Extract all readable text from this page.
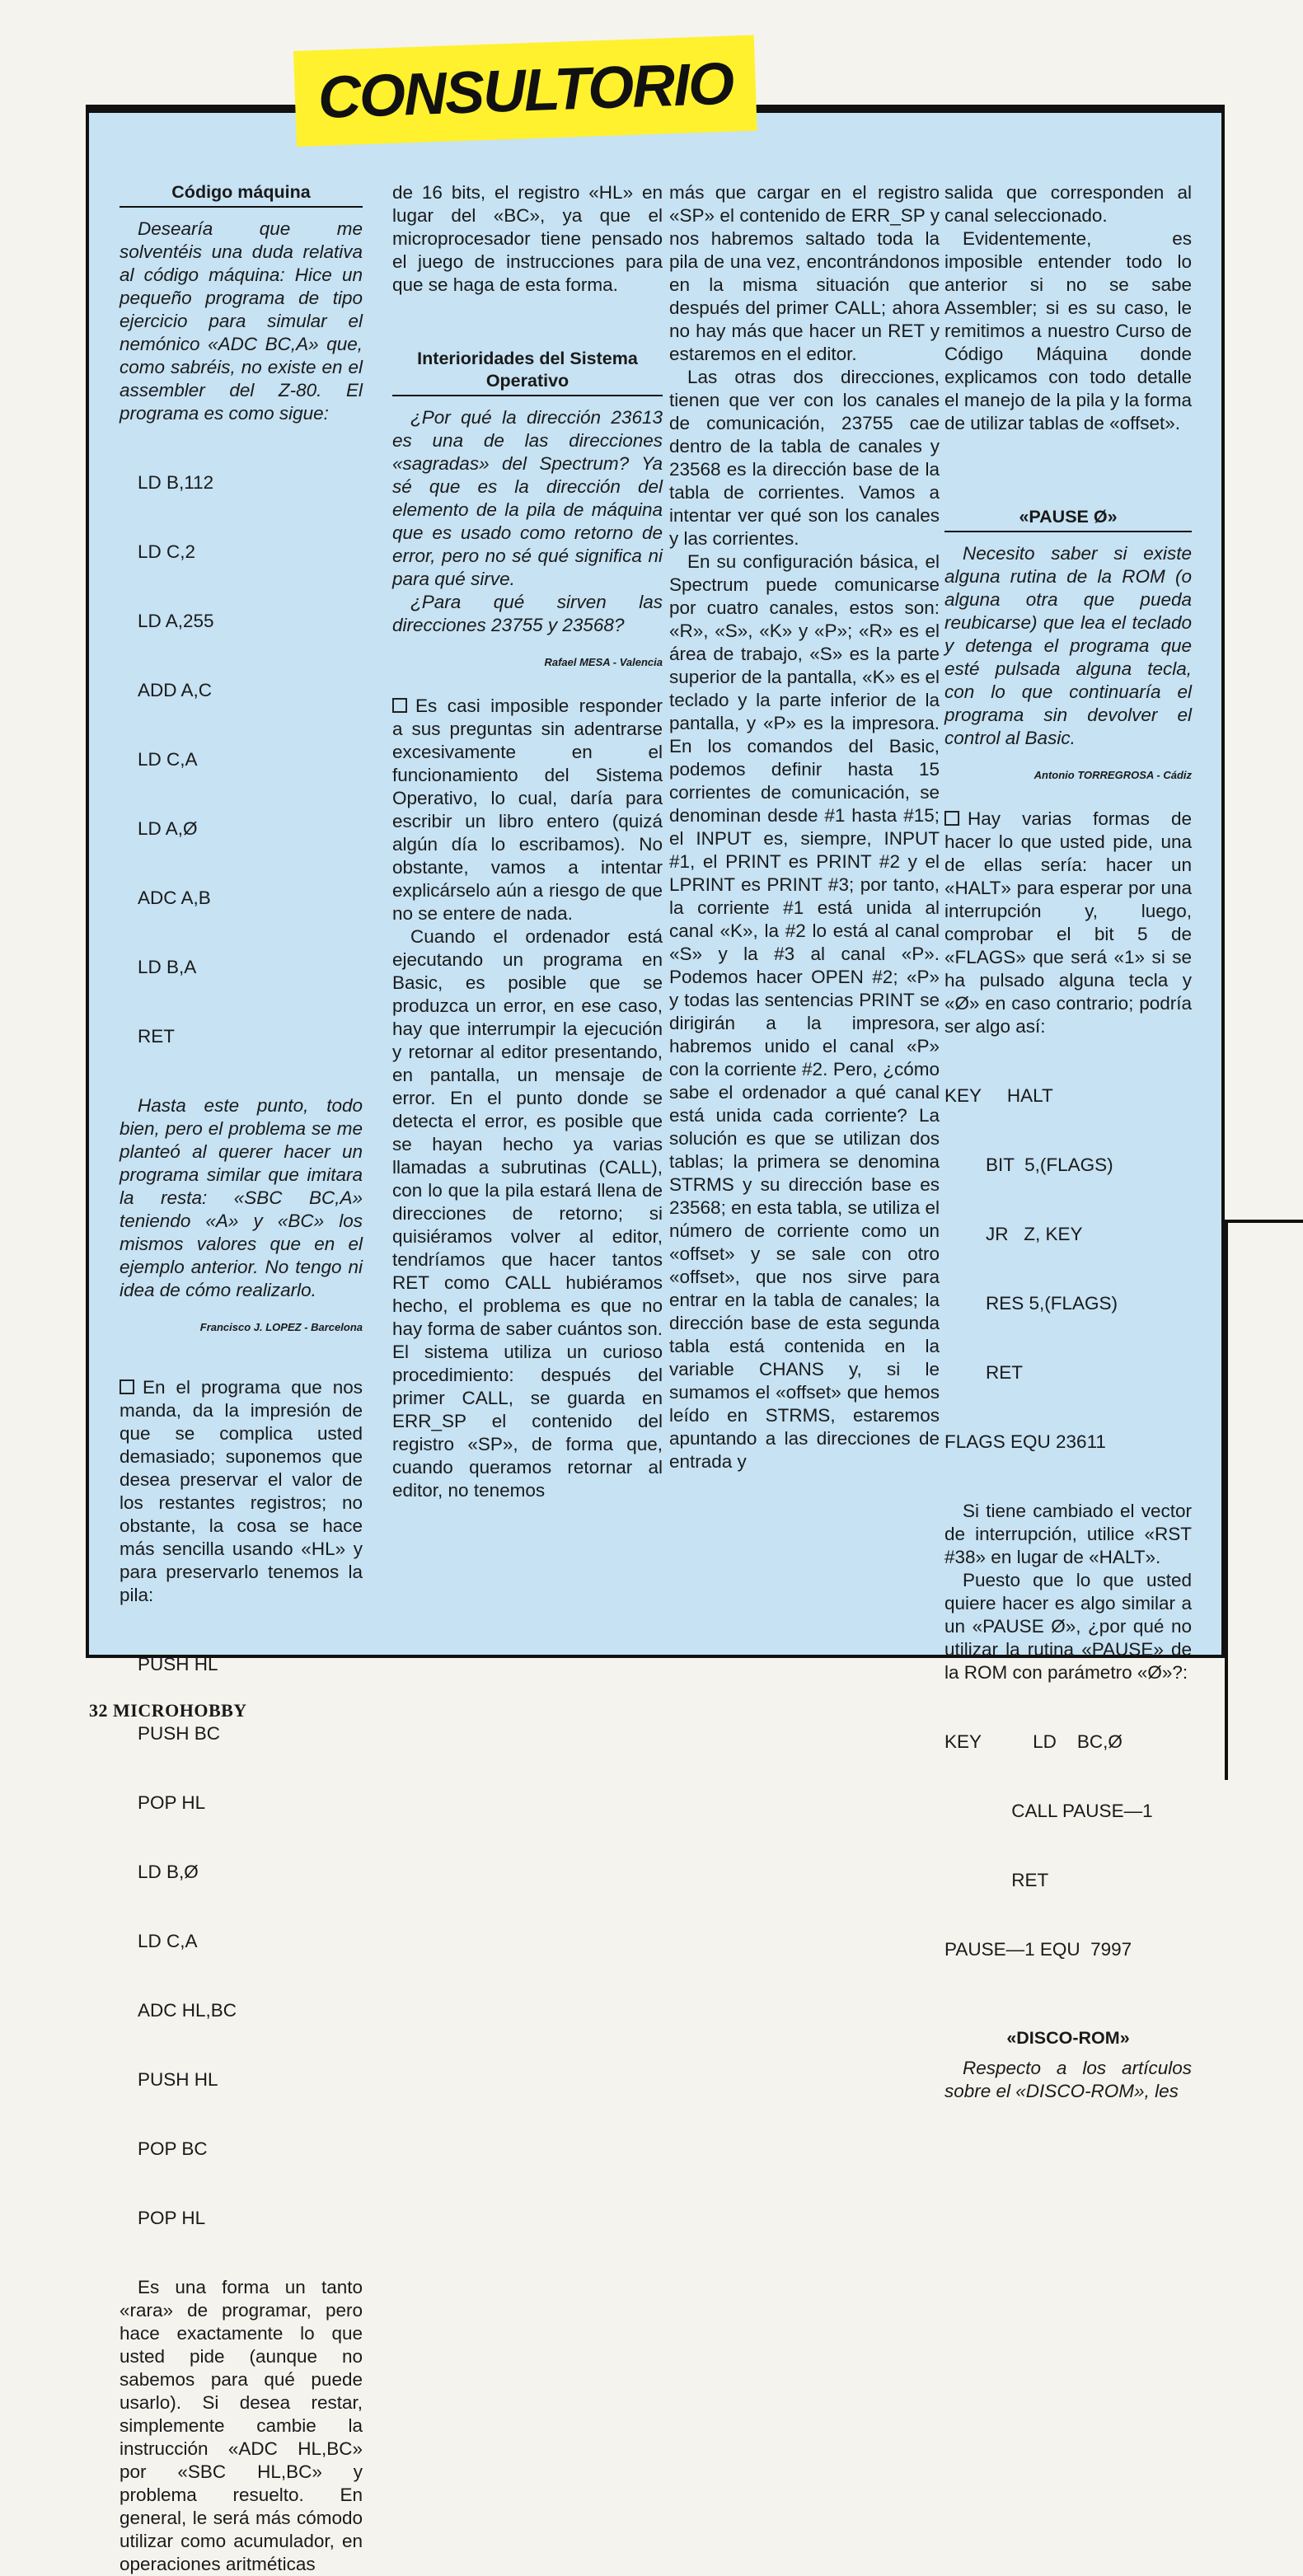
CONSULTORIO
Código máquina

Desearía que me solventéis una duda relativa al código máquina: Hice un pequeño programa de tipo ejercicio para simular el nemónico «ADC BC,A» que, como sabréis, no existe en el assembler del Z-80. El programa es como sigue:

LD B,112

LD C,2

LD A,255

ADD A,C

LD C,A

LD A,Ø

ADC A,B

LD B,A

RET

Hasta este punto, todo bien, pero el problema se me planteó al querer hacer un programa similar que imitara la resta: «SBC BC,A» teniendo «A» y «BC» los mismos valores que en el ejemplo anterior. No tengo ni idea de cómo realizarlo.

Francisco J. LOPEZ - Barcelona

En el programa que nos manda, da la impresión de que se complica usted demasiado; suponemos que desea preservar el valor de los restantes registros; no obstante, la cosa se hace más sencilla usando «HL» y para preservarlo tenemos la pila:

PUSH HL

PUSH BC

POP HL

LD B,Ø

LD C,A

ADC HL,BC

PUSH HL

POP BC

POP HL

Es una forma un tanto «rara» de programar, pero hace exactamente lo que usted pide (aunque no sabemos para qué puede usarlo). Si desea restar, simplemente cambie la instrucción «ADC HL,BC» por «SBC HL,BC» y problema resuelto. En general, le será más cómodo utilizar como acumulador, en operaciones aritméticas

de 16 bits, el registro «HL» en lugar del «BC», ya que el microprocesador tiene pensado el juego de instrucciones para que se haga de esta forma.

Interioridades del Sistema Operativo

¿Por qué la dirección 23613 es una de las direcciones «sagradas» del Spectrum? Ya sé que es la dirección del elemento de la pila de máquina que es usado como retorno de error, pero no sé qué significa ni para qué sirve.

¿Para qué sirven las direcciones 23755 y 23568?

Rafael MESA - Valencia

Es casi imposible responder a sus preguntas sin adentrarse excesivamente en el funcionamiento del Sistema Operativo, lo cual, daría para escribir un libro entero (quizá algún día lo escribamos). No obstante, vamos a intentar explicárselo aún a riesgo de que no se entere de nada.

Cuando el ordenador está ejecutando un programa en Basic, es posible que se produzca un error, en ese caso, hay que interrumpir la ejecución y retornar al editor presentando, en pantalla, un mensaje de error. En el punto donde se detecta el error, es posible que se hayan hecho ya varias llamadas a subrutinas (CALL), con lo que la pila estará llena de direcciones de retorno; si quisiéramos volver al editor, tendríamos que hacer tantos RET como CALL hubiéramos hecho, el problema es que no hay forma de saber cuántos son. El sistema utiliza un curioso procedimiento: después del primer CALL, se guarda en ERR_SP el contenido del registro «SP», de forma que, cuando queramos retornar al editor, no tenemos

más que cargar en el registro «SP» el contenido de ERR_SP y nos habremos saltado toda la pila de una vez, encontrándonos en la misma situación que después del primer CALL; ahora no hay más que hacer un RET y estaremos en el editor.

Las otras dos direcciones, tienen que ver con los canales de comunicación, 23755 cae dentro de la tabla de canales y 23568 es la dirección base de la tabla de corrientes. Vamos a intentar ver qué son los canales y las corrientes.

En su configuración básica, el Spectrum puede comunicarse por cuatro canales, estos son: «R», «S», «K» y «P»; «R» es el área de trabajo, «S» es la parte superior de la pantalla, «K» es el teclado y la parte inferior de la pantalla, y «P» es la impresora. En los comandos del Basic, podemos definir hasta 15 corrientes de comunicación, se denominan desde #1 hasta #15; el INPUT es, siempre, INPUT #1, el PRINT es PRINT #2 y el LPRINT es PRINT #3; por tanto, la corriente #1 está unida al canal «K», la #2 lo está al canal «S» y la #3 al canal «P». Podemos hacer OPEN #2; «P» y todas las sentencias PRINT se dirigirán a la impresora, habremos unido el canal «P» con la corriente #2. Pero, ¿cómo sabe el ordenador a qué canal está unida cada corriente? La solución es que se utilizan dos tablas; la primera se denomina STRMS y su dirección base es 23568; en esta tabla, se utiliza el número de corriente como un «offset» y se sale con otro «offset», que nos sirve para entrar en la tabla de canales; la dirección base de esta segunda tabla está contenida en la variable CHANS y, si le sumamos el «offset» que hemos leído en STRMS, estaremos apuntando a las direcciones de entrada y

salida que corresponden al canal seleccionado.

Evidentemente, es imposible entender todo lo anterior si no se sabe Assembler; si es su caso, le remitimos a nuestro Curso de Código Máquina donde explicamos con todo detalle el manejo de la pila y la forma de utilizar tablas de «offset».

«PAUSE Ø»

Necesito saber si existe alguna rutina de la ROM (o alguna otra que pueda reubicarse) que lea el teclado y detenga el programa que esté pulsada alguna tecla, con lo que continuaría el programa sin devolver el control al Basic.

Antonio TORREGROSA - Cádiz

Hay varias formas de hacer lo que usted pide, una de ellas sería: hacer un «HALT» para esperar por una interrupción y, luego, comprobar el bit 5 de «FLAGS» que será «1» si se ha pulsado alguna tecla y «Ø» en caso contrario; podría ser algo así:

KEY     HALT

BIT  5,(FLAGS)

JR   Z, KEY

RES 5,(FLAGS)

RET

FLAGS EQU 23611

Si tiene cambiado el vector de interrupción, utilice «RST #38» en lugar de «HALT».

Puesto que lo que usted quiere hacer es algo similar a un «PAUSE Ø», ¿por qué no utilizar la rutina «PAUSE» de la ROM con parámetro «Ø»?:

KEY          LD    BC,Ø

CALL PAUSE—1

RET

PAUSE—1 EQU  7997

«DISCO-ROM»

Respecto a los artículos sobre el «DISCO-ROM», les

32 MICROHOBBY
